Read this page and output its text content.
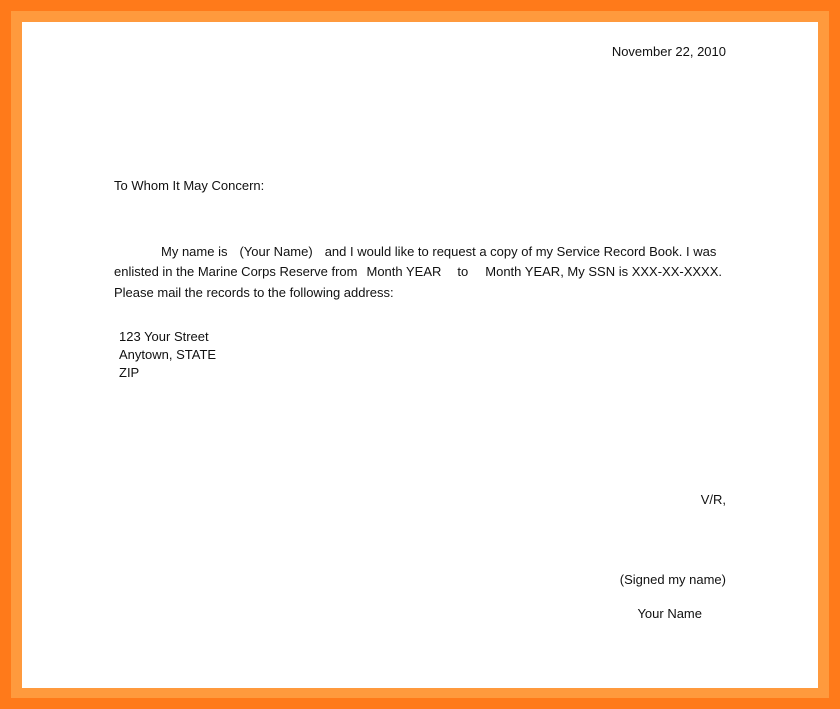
November 22, 2010
To Whom It May Concern:
My name is (Your Name) and I would like to request a copy of my Service Record Book. I was
enlisted in the Marine Corps Reserve from Month YEAR to Month YEAR, My SSN is XXX-XX-XXXX.
Please mail the records to the following address:
123 Your Street
Anytown, STATE
ZIP
V/R,
(Signed my name)
Your Name
